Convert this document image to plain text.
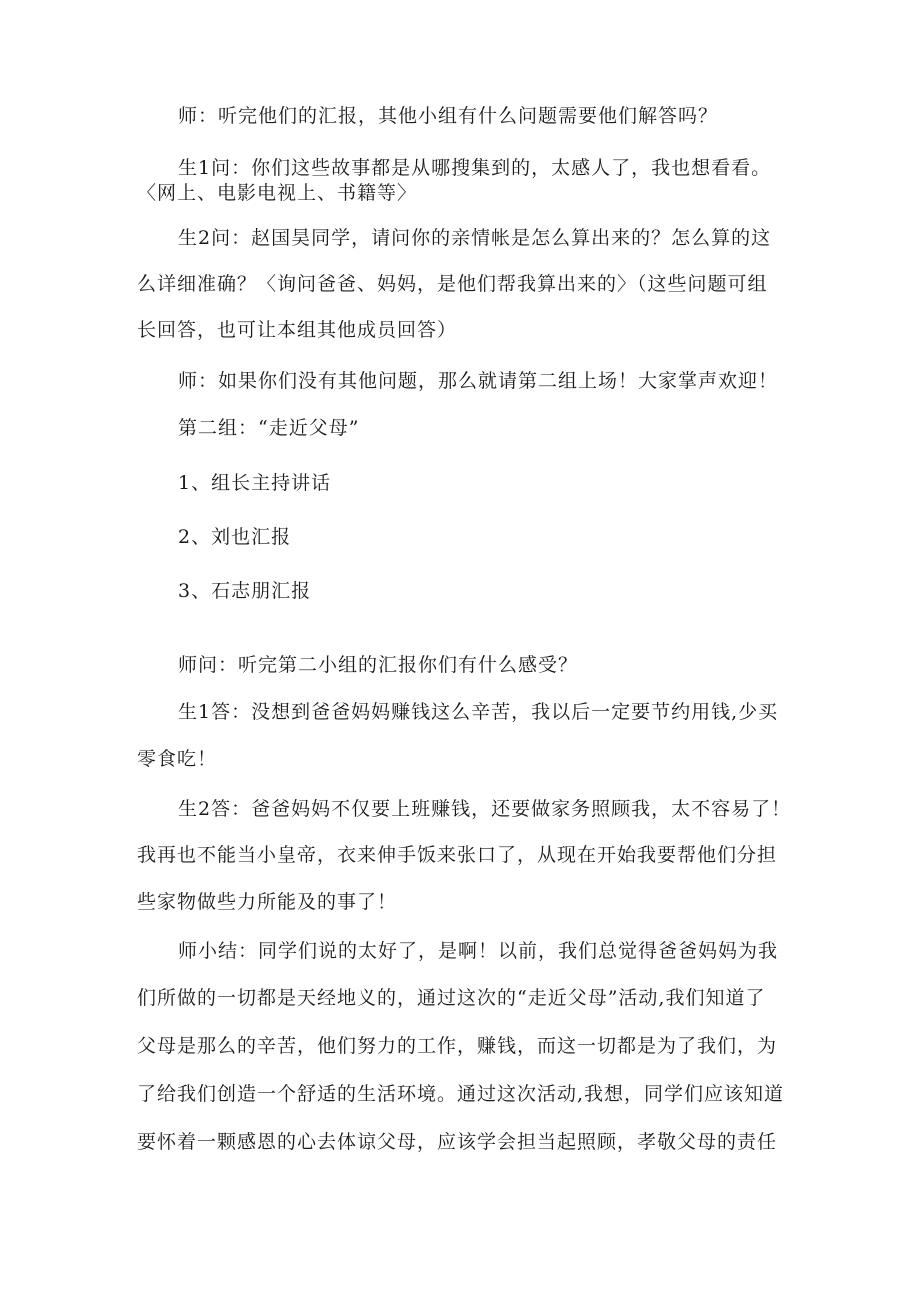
师：听完他们的汇报，其他小组有什么问题需要他们解答吗？
生1问：你们这些故事都是从哪搜集到的，太感人了，我也想看看。
〈网上、电影电视上、书籍等〉
生2问：赵国昊同学，请问你的亲情帐是怎么算出来的？怎么算的这
么详细准确？〈询问爸爸、妈妈，是他们帮我算出来的〉（这些问题可组
长回答，也可让本组其他成员回答）
师：如果你们没有其他问题，那么就请第二组上场！大家掌声欢迎！
第二组：“走近父母”
1、组长主持讲话
2、刘也汇报
3、石志朋汇报
师问：听完第二小组的汇报你们有什么感受？
生1答：没想到爸爸妈妈赚钱这么辛苦，我以后一定要节约用钱,少买
零食吃！
生2答：爸爸妈妈不仅要上班赚钱，还要做家务照顾我，太不容易了！
我再也不能当小皇帝，衣来伸手饭来张口了，从现在开始我要帮他们分担
些家物做些力所能及的事了！
师小结：同学们说的太好了，是啊！以前，我们总觉得爸爸妈妈为我
们所做的一切都是天经地义的，通过这次的“走近父母”活动,我们知道了
父母是那么的辛苦，他们努力的工作，赚钱，而这一切都是为了我们，为
了给我们创造一个舒适的生活环境。通过这次活动,我想，同学们应该知道
要怀着一颗感恩的心去体谅父母，应该学会担当起照顾，孝敬父母的责任
